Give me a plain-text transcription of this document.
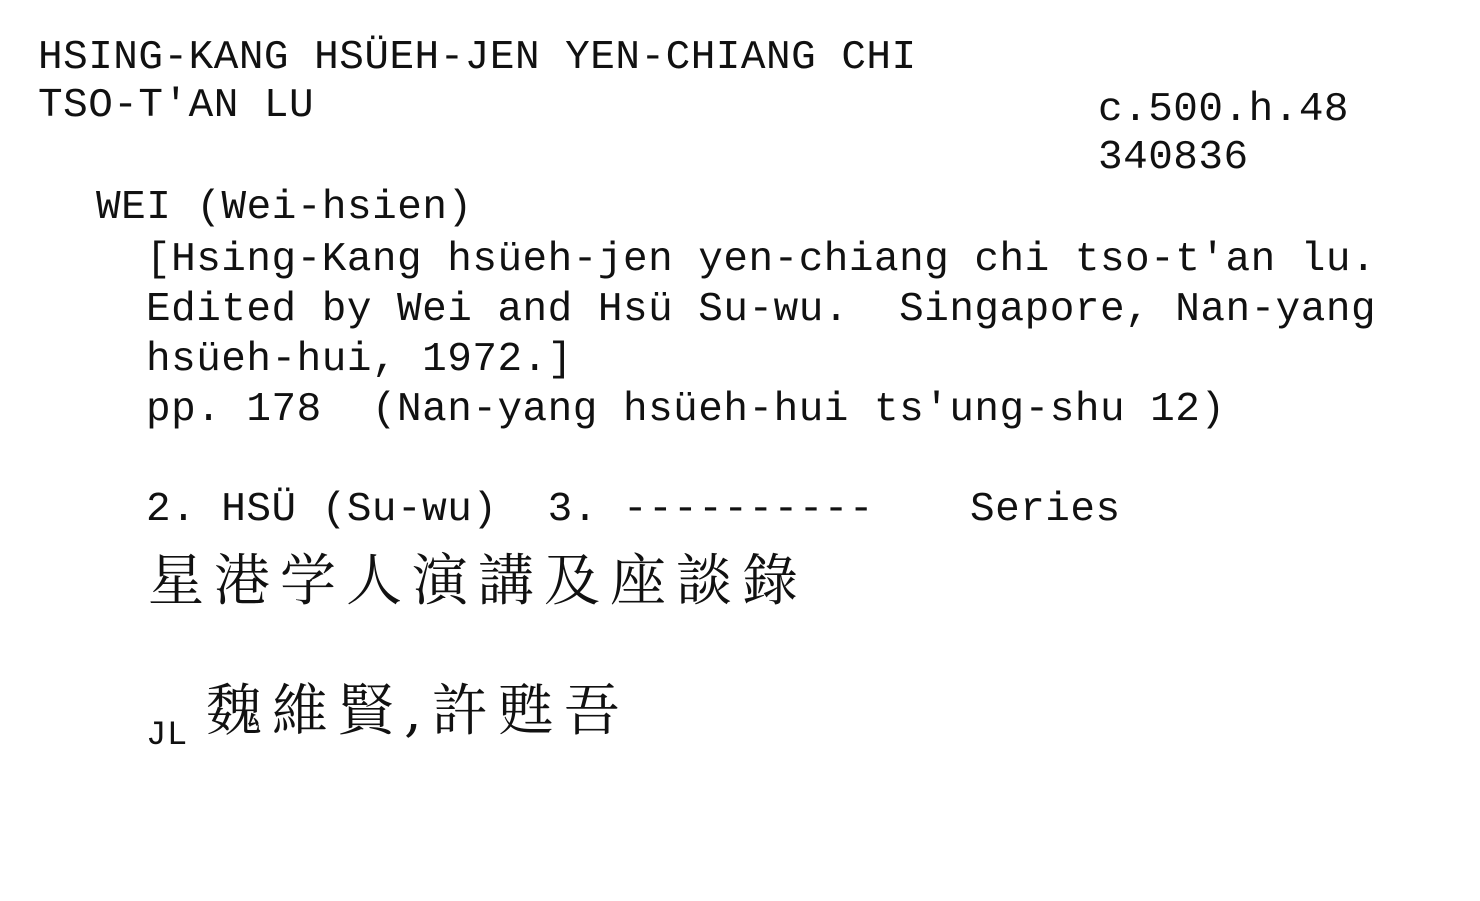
HSING-KANG HSÜEH-JEN YEN-CHIANG CHI
TSO-T'AN LU	c.500.h.48
340836
WEI (Wei-hsien)
[Hsing-Kang hsüeh-jen yen-chiang chi tso-t'an lu.
Edited by Wei and Hsü Su-wu.  Singapore, Nan-yang
hsüeh-hui, 1972.]
pp. 178  (Nan-yang hsüeh-hui ts'ung-shu 12)
2. HSÜ (Su-wu)  3. ---------- Series
星港学人演講及座談錄
JL 魏維賢,許甦吾
